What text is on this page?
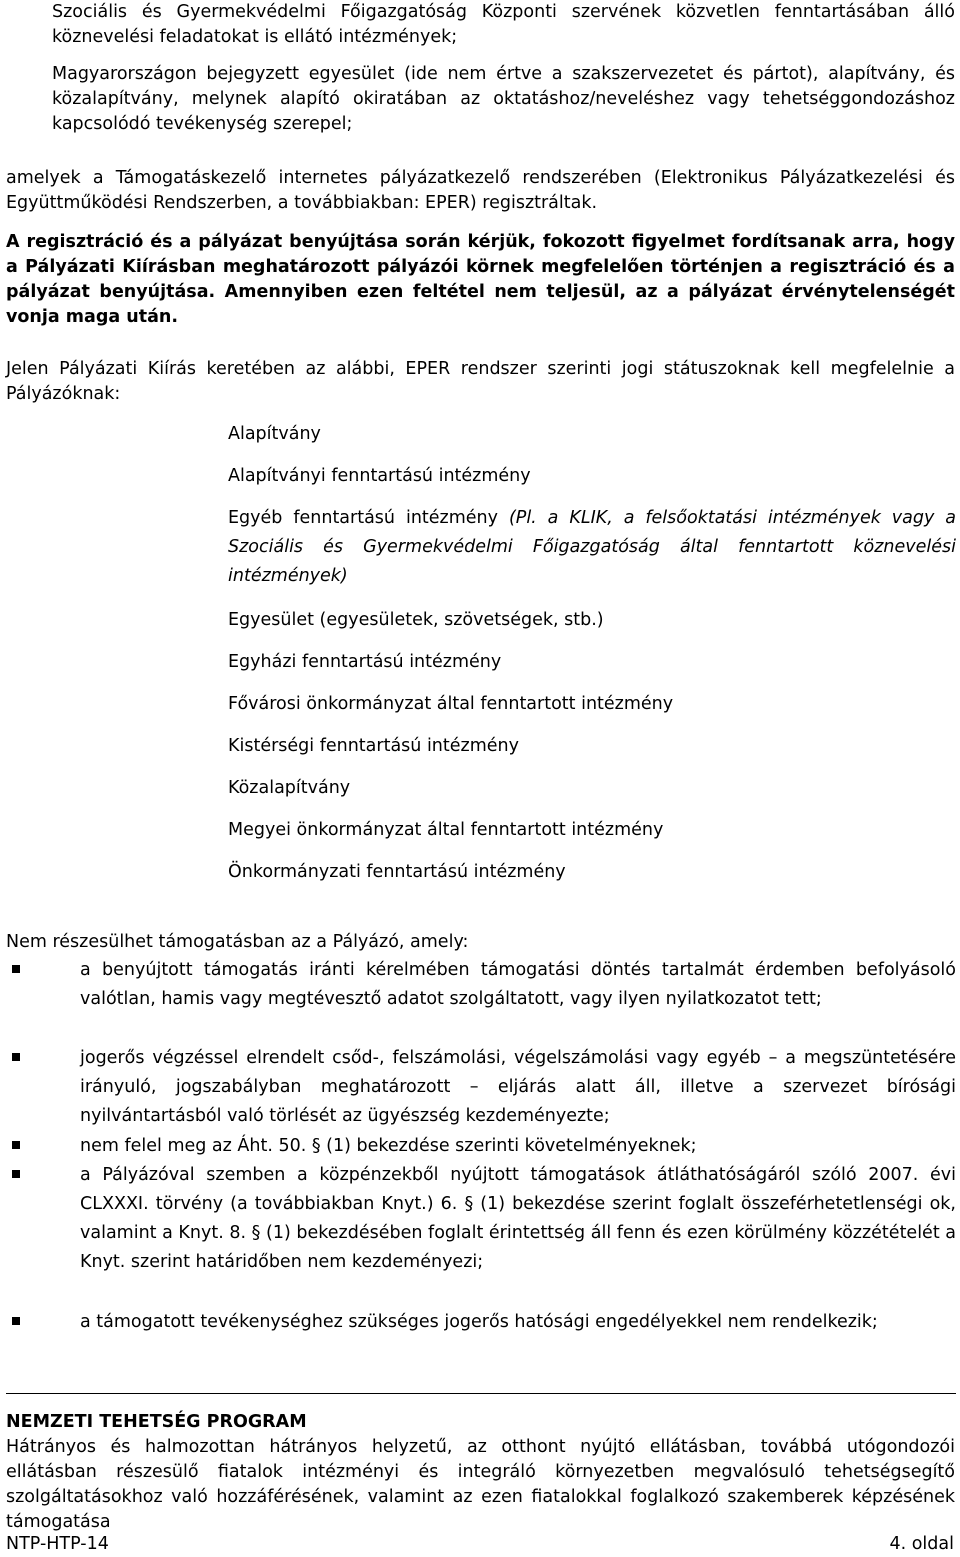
Szociális és Gyermekvédelmi Főigazgatóság Központi szervének közvetlen fenntartásában álló köznevelési feladatokat is ellátó intézmények;
Magyarországon bejegyzett egyesület (ide nem értve a szakszervezetet és pártot), alapítvány, és közalapítvány, melynek alapító okiratában az oktatáshoz/neveléshez vagy tehetséggondozáshoz kapcsolódó tevékenység szerepel;
amelyek a Támogatáskezelő internetes pályázatkezelő rendszerében (Elektronikus Pályázatkezelési és Együttműködési Rendszerben, a továbbiakban: EPER) regisztráltak.
A regisztráció és a pályázat benyújtása során kérjük, fokozott figyelmet fordítsanak arra, hogy a Pályázati Kiírásban meghatározott pályázói körnek megfelelően történjen a regisztráció és a pályázat benyújtása. Amennyiben ezen feltétel nem teljesül, az a pályázat érvénytelenségét vonja maga után.
Jelen Pályázati Kiírás keretében az alábbi, EPER rendszer szerinti jogi státuszoknak kell megfelelnie a Pályázóknak:
Alapítvány
Alapítványi fenntartású intézmény
Egyéb fenntartású intézmény (Pl. a KLIK, a felsőoktatási intézmények vagy a Szociális és Gyermekvédelmi Főigazgatóság által fenntartott köznevelési intézmények)
Egyesület (egyesületek, szövetségek, stb.)
Egyházi fenntartású intézmény
Fővárosi önkormányzat által fenntartott intézmény
Kistérségi fenntartású intézmény
Közalapítvány
Megyei önkormányzat által fenntartott intézmény
Önkormányzati fenntartású intézmény
Nem részesülhet támogatásban az a Pályázó, amely:
a benyújtott támogatás iránti kérelmében támogatási döntés tartalmát érdemben befolyásoló valótlan, hamis vagy megtévesztő adatot szolgáltatott, vagy ilyen nyilatkozatot tett;
jogerős végzéssel elrendelt csőd-, felszámolási, végelszámolási vagy egyéb – a megszüntetésére irányuló, jogszabályban meghatározott – eljárás alatt áll, illetve a szervezet bírósági nyilvántartásból való törlését az ügyészség kezdeményezte;
nem felel meg az Áht. 50. § (1) bekezdése szerinti követelményeknek;
a Pályázóval szemben a közpénzekből nyújtott támogatások átláthatóságáról szóló 2007. évi CLXXXI. törvény (a továbbiakban Knyt.) 6. § (1) bekezdése szerint foglalt összeférhetetlenségi ok, valamint a Knyt. 8. § (1) bekezdésében foglalt érintettség áll fenn és ezen körülmény közzétételét a Knyt. szerint határidőben nem kezdeményezi;
a támogatott tevékenységhez szükséges jogerős hatósági engedélyekkel nem rendelkezik;
NEMZETI TEHETSÉG PROGRAM
Hátrányos és halmozottan hátrányos helyzetű, az otthont nyújtó ellátásban, továbbá utógondozói ellátásban részesülő fiatalok intézményi és integráló környezetben megvalósuló tehetségsegítő szolgáltatásokhoz való hozzáférésének, valamint az ezen fiatalokkal foglalkozó szakemberek képzésének támogatása
NTP-HTP-14	4. oldal
